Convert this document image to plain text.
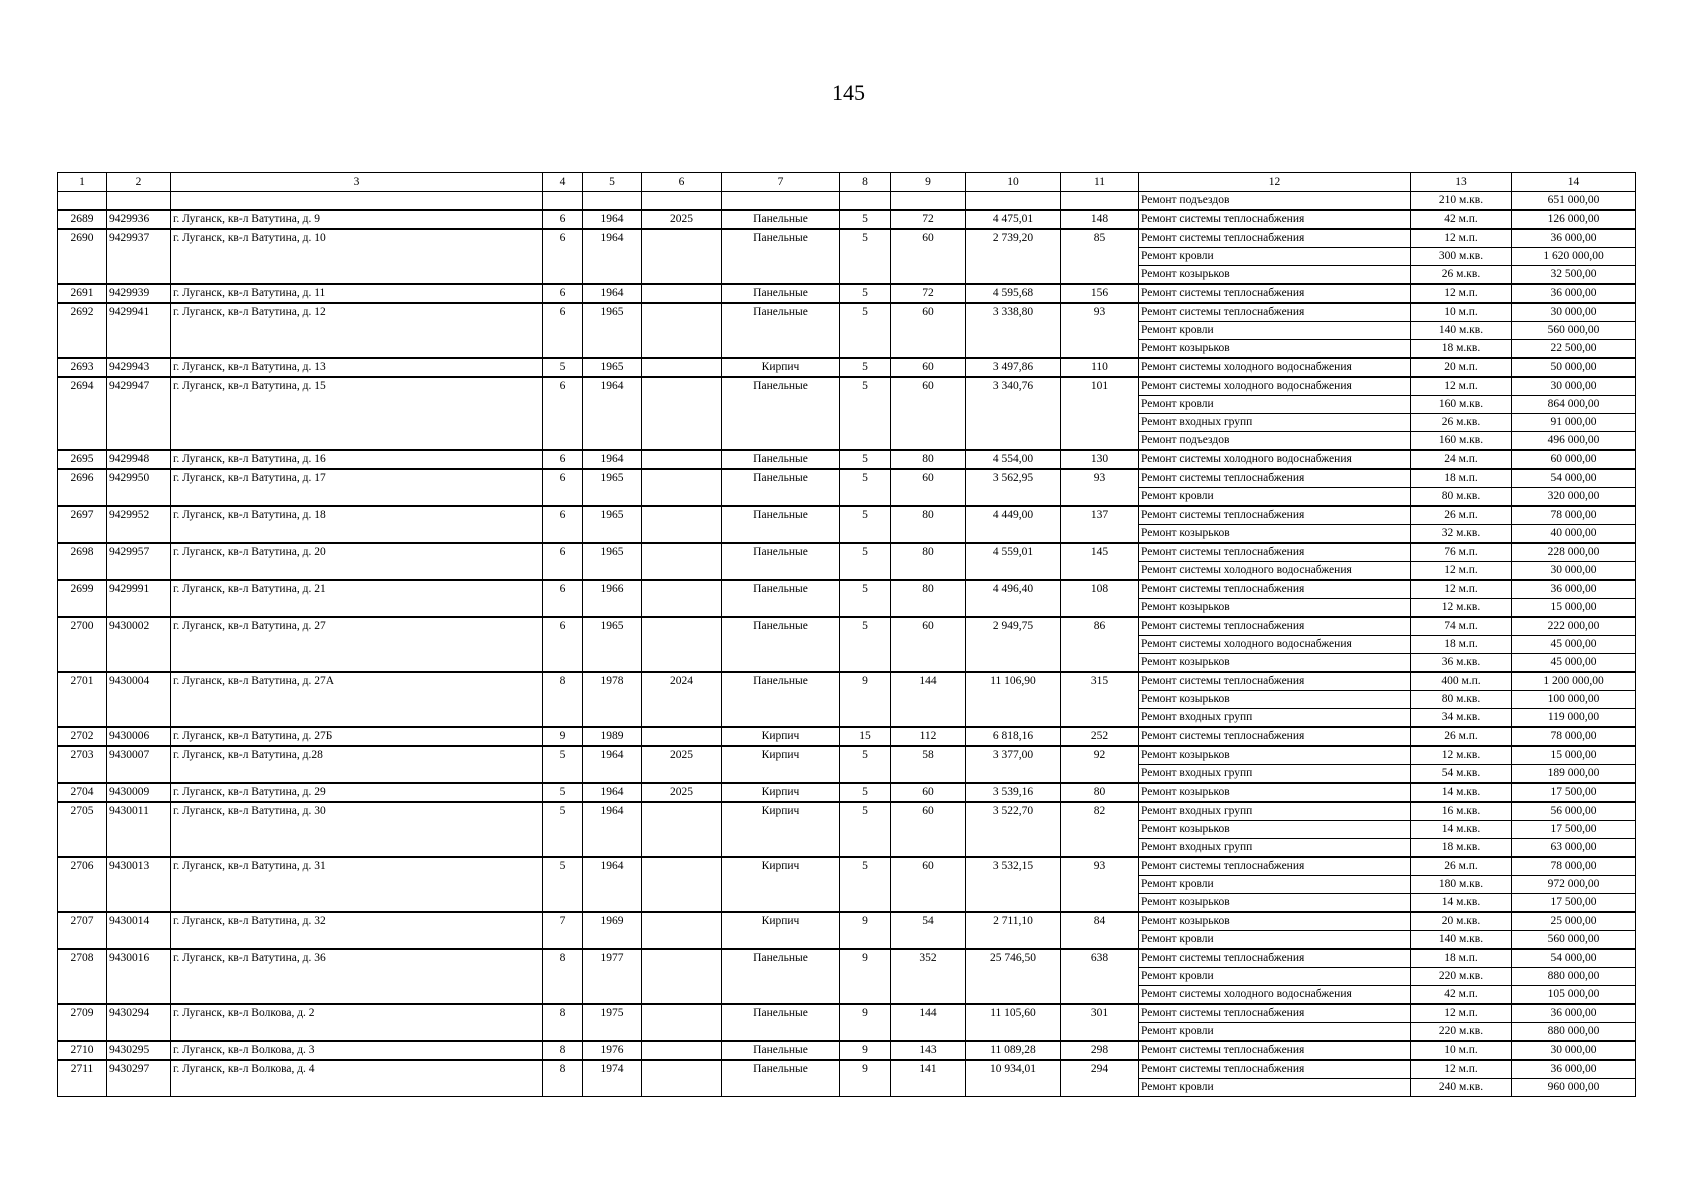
145
1	2	3	4	5	6	7	8	9	10	11	12	13	14
											Ремонт подъездов	210 м.кв.	651 000,00
2689	9429936	г. Луганск, кв-л Ватутина, д. 9	6	1964	2025	Панельные	5	72	4 475,01	148	Ремонт системы теплоснабжения	42 м.п.	126 000,00
2690	9429937	г. Луганск, кв-л Ватутина, д. 10	6	1964		Панельные	5	60	2 739,20	85	Ремонт системы теплоснабжения	12 м.п.	36 000,00
											Ремонт кровли	300 м.кв.	1 620 000,00
											Ремонт козырьков	26 м.кв.	32 500,00
2691	9429939	г. Луганск, кв-л Ватутина, д. 11	6	1964		Панельные	5	72	4 595,68	156	Ремонт системы теплоснабжения	12 м.п.	36 000,00
2692	9429941	г. Луганск, кв-л Ватутина, д. 12	6	1965		Панельные	5	60	3 338,80	93	Ремонт системы теплоснабжения	10 м.п.	30 000,00
											Ремонт кровли	140 м.кв.	560 000,00
											Ремонт козырьков	18 м.кв.	22 500,00
2693	9429943	г. Луганск, кв-л Ватутина, д. 13	5	1965		Кирпич	5	60	3 497,86	110	Ремонт системы холодного водоснабжения	20 м.п.	50 000,00
2694	9429947	г. Луганск, кв-л Ватутина, д. 15	6	1964		Панельные	5	60	3 340,76	101	Ремонт системы холодного водоснабжения	12 м.п.	30 000,00
											Ремонт кровли	160 м.кв.	864 000,00
											Ремонт входных групп	26 м.кв.	91 000,00
											Ремонт подъездов	160 м.кв.	496 000,00
2695	9429948	г. Луганск, кв-л Ватутина, д. 16	6	1964		Панельные	5	80	4 554,00	130	Ремонт системы холодного водоснабжения	24 м.п.	60 000,00
2696	9429950	г. Луганск, кв-л Ватутина, д. 17	6	1965		Панельные	5	60	3 562,95	93	Ремонт системы теплоснабжения	18 м.п.	54 000,00
											Ремонт кровли	80 м.кв.	320 000,00
2697	9429952	г. Луганск, кв-л Ватутина, д. 18	6	1965		Панельные	5	80	4 449,00	137	Ремонт системы теплоснабжения	26 м.п.	78 000,00
											Ремонт козырьков	32 м.кв.	40 000,00
2698	9429957	г. Луганск, кв-л Ватутина, д. 20	6	1965		Панельные	5	80	4 559,01	145	Ремонт системы теплоснабжения	76 м.п.	228 000,00
											Ремонт системы холодного водоснабжения	12 м.п.	30 000,00
2699	9429991	г. Луганск, кв-л Ватутина, д. 21	6	1966		Панельные	5	80	4 496,40	108	Ремонт системы теплоснабжения	12 м.п.	36 000,00
											Ремонт козырьков	12 м.кв.	15 000,00
2700	9430002	г. Луганск, кв-л Ватутина, д. 27	6	1965		Панельные	5	60	2 949,75	86	Ремонт системы теплоснабжения	74 м.п.	222 000,00
											Ремонт системы холодного водоснабжения	18 м.п.	45 000,00
											Ремонт козырьков	36 м.кв.	45 000,00
2701	9430004	г. Луганск, кв-л Ватутина, д. 27А	8	1978	2024	Панельные	9	144	11 106,90	315	Ремонт системы теплоснабжения	400 м.п.	1 200 000,00
											Ремонт козырьков	80 м.кв.	100 000,00
											Ремонт входных групп	34 м.кв.	119 000,00
2702	9430006	г. Луганск, кв-л Ватутина, д. 27Б	9	1989		Кирпич	15	112	6 818,16	252	Ремонт системы теплоснабжения	26 м.п.	78 000,00
2703	9430007	г. Луганск, кв-л Ватутина, д.28	5	1964	2025	Кирпич	5	58	3 377,00	92	Ремонт козырьков	12 м.кв.	15 000,00
											Ремонт входных групп	54 м.кв.	189 000,00
2704	9430009	г. Луганск, кв-л Ватутина, д. 29	5	1964	2025	Кирпич	5	60	3 539,16	80	Ремонт козырьков	14 м.кв.	17 500,00
2705	9430011	г. Луганск, кв-л Ватутина, д. 30	5	1964		Кирпич	5	60	3 522,70	82	Ремонт входных групп	16 м.кв.	56 000,00
											Ремонт козырьков	14 м.кв.	17 500,00
											Ремонт входных групп	18 м.кв.	63 000,00
2706	9430013	г. Луганск, кв-л Ватутина, д. 31	5	1964		Кирпич	5	60	3 532,15	93	Ремонт системы теплоснабжения	26 м.п.	78 000,00
											Ремонт кровли	180 м.кв.	972 000,00
											Ремонт козырьков	14 м.кв.	17 500,00
2707	9430014	г. Луганск, кв-л Ватутина, д. 32	7	1969		Кирпич	9	54	2 711,10	84	Ремонт козырьков	20 м.кв.	25 000,00
											Ремонт кровли	140 м.кв.	560 000,00
2708	9430016	г. Луганск, кв-л Ватутина, д. 36	8	1977		Панельные	9	352	25 746,50	638	Ремонт системы теплоснабжения	18 м.п.	54 000,00
											Ремонт кровли	220 м.кв.	880 000,00
											Ремонт системы холодного водоснабжения	42 м.п.	105 000,00
2709	9430294	г. Луганск, кв-л Волкова, д. 2	8	1975		Панельные	9	144	11 105,60	301	Ремонт системы теплоснабжения	12 м.п.	36 000,00
											Ремонт кровли	220 м.кв.	880 000,00
2710	9430295	г. Луганск, кв-л Волкова, д. 3	8	1976		Панельные	9	143	11 089,28	298	Ремонт системы теплоснабжения	10 м.п.	30 000,00
2711	9430297	г. Луганск, кв-л Волкова, д. 4	8	1974		Панельные	9	141	10 934,01	294	Ремонт системы теплоснабжения	12 м.п.	36 000,00
											Ремонт кровли	240 м.кв.	960 000,00
